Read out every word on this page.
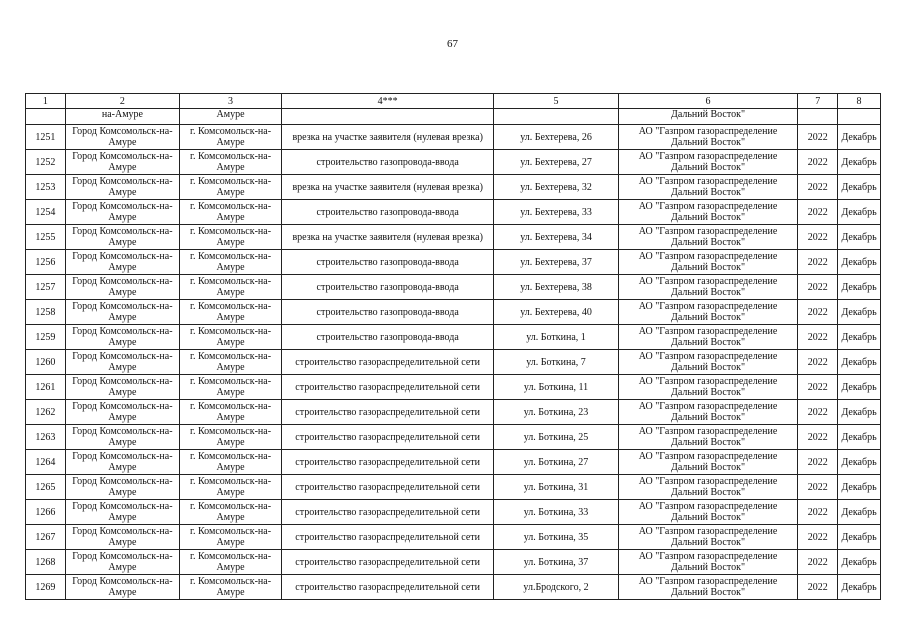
67
1	2	3	4***	5	6	7	8
	на-Амуре	Амуре			Дальний Восток"		
1251	Город Комсомольск-на-Амуре	г. Комсомольск-на-Амуре	врезка на участке заявителя (нулевая врезка)	ул. Бехтерева, 26	АО "Газпром газораспределение Дальний Восток"	2022	Декабрь
1252	Город Комсомольск-на-Амуре	г. Комсомольск-на-Амуре	строительство газопровода-ввода	ул. Бехтерева, 27	АО "Газпром газораспределение Дальний Восток"	2022	Декабрь
1253	Город Комсомольск-на-Амуре	г. Комсомольск-на-Амуре	врезка на участке заявителя (нулевая врезка)	ул. Бехтерева, 32	АО "Газпром газораспределение Дальний Восток"	2022	Декабрь
1254	Город Комсомольск-на-Амуре	г. Комсомольск-на-Амуре	строительство газопровода-ввода	ул. Бехтерева, 33	АО "Газпром газораспределение Дальний Восток"	2022	Декабрь
1255	Город Комсомольск-на-Амуре	г. Комсомольск-на-Амуре	врезка на участке заявителя (нулевая врезка)	ул. Бехтерева, 34	АО "Газпром газораспределение Дальний Восток"	2022	Декабрь
1256	Город Комсомольск-на-Амуре	г. Комсомольск-на-Амуре	строительство газопровода-ввода	ул. Бехтерева, 37	АО "Газпром газораспределение Дальний Восток"	2022	Декабрь
1257	Город Комсомольск-на-Амуре	г. Комсомольск-на-Амуре	строительство газопровода-ввода	ул. Бехтерева, 38	АО "Газпром газораспределение Дальний Восток"	2022	Декабрь
1258	Город Комсомольск-на-Амуре	г. Комсомольск-на-Амуре	строительство газопровода-ввода	ул. Бехтерева, 40	АО "Газпром газораспределение Дальний Восток"	2022	Декабрь
1259	Город Комсомольск-на-Амуре	г. Комсомольск-на-Амуре	строительство газопровода-ввода	ул. Боткина, 1	АО "Газпром газораспределение Дальний Восток"	2022	Декабрь
1260	Город Комсомольск-на-Амуре	г. Комсомольск-на-Амуре	строительство газораспределительной сети	ул. Боткина, 7	АО "Газпром газораспределение Дальний Восток"	2022	Декабрь
1261	Город Комсомольск-на-Амуре	г. Комсомольск-на-Амуре	строительство газораспределительной сети	ул. Боткина, 11	АО "Газпром газораспределение Дальний Восток"	2022	Декабрь
1262	Город Комсомольск-на-Амуре	г. Комсомольск-на-Амуре	строительство газораспределительной сети	ул. Боткина, 23	АО "Газпром газораспределение Дальний Восток"	2022	Декабрь
1263	Город Комсомольск-на-Амуре	г. Комсомольск-на-Амуре	строительство газораспределительной сети	ул. Боткина, 25	АО "Газпром газораспределение Дальний Восток"	2022	Декабрь
1264	Город Комсомольск-на-Амуре	г. Комсомольск-на-Амуре	строительство газораспределительной сети	ул. Боткина, 27	АО "Газпром газораспределение Дальний Восток"	2022	Декабрь
1265	Город Комсомольск-на-Амуре	г. Комсомольск-на-Амуре	строительство газораспределительной сети	ул. Боткина, 31	АО "Газпром газораспределение Дальний Восток"	2022	Декабрь
1266	Город Комсомольск-на-Амуре	г. Комсомольск-на-Амуре	строительство газораспределительной сети	ул. Боткина, 33	АО "Газпром газораспределение Дальний Восток"	2022	Декабрь
1267	Город Комсомольск-на-Амуре	г. Комсомольск-на-Амуре	строительство газораспределительной сети	ул. Боткина, 35	АО "Газпром газораспределение Дальний Восток"	2022	Декабрь
1268	Город Комсомольск-на-Амуре	г. Комсомольск-на-Амуре	строительство газораспределительной сети	ул. Боткина, 37	АО "Газпром газораспределение Дальний Восток"	2022	Декабрь
1269	Город Комсомольск-на-Амуре	г. Комсомольск-на-Амуре	строительство газораспределительной сети	ул.Бродского, 2	АО "Газпром газораспределение Дальний Восток"	2022	Декабрь
